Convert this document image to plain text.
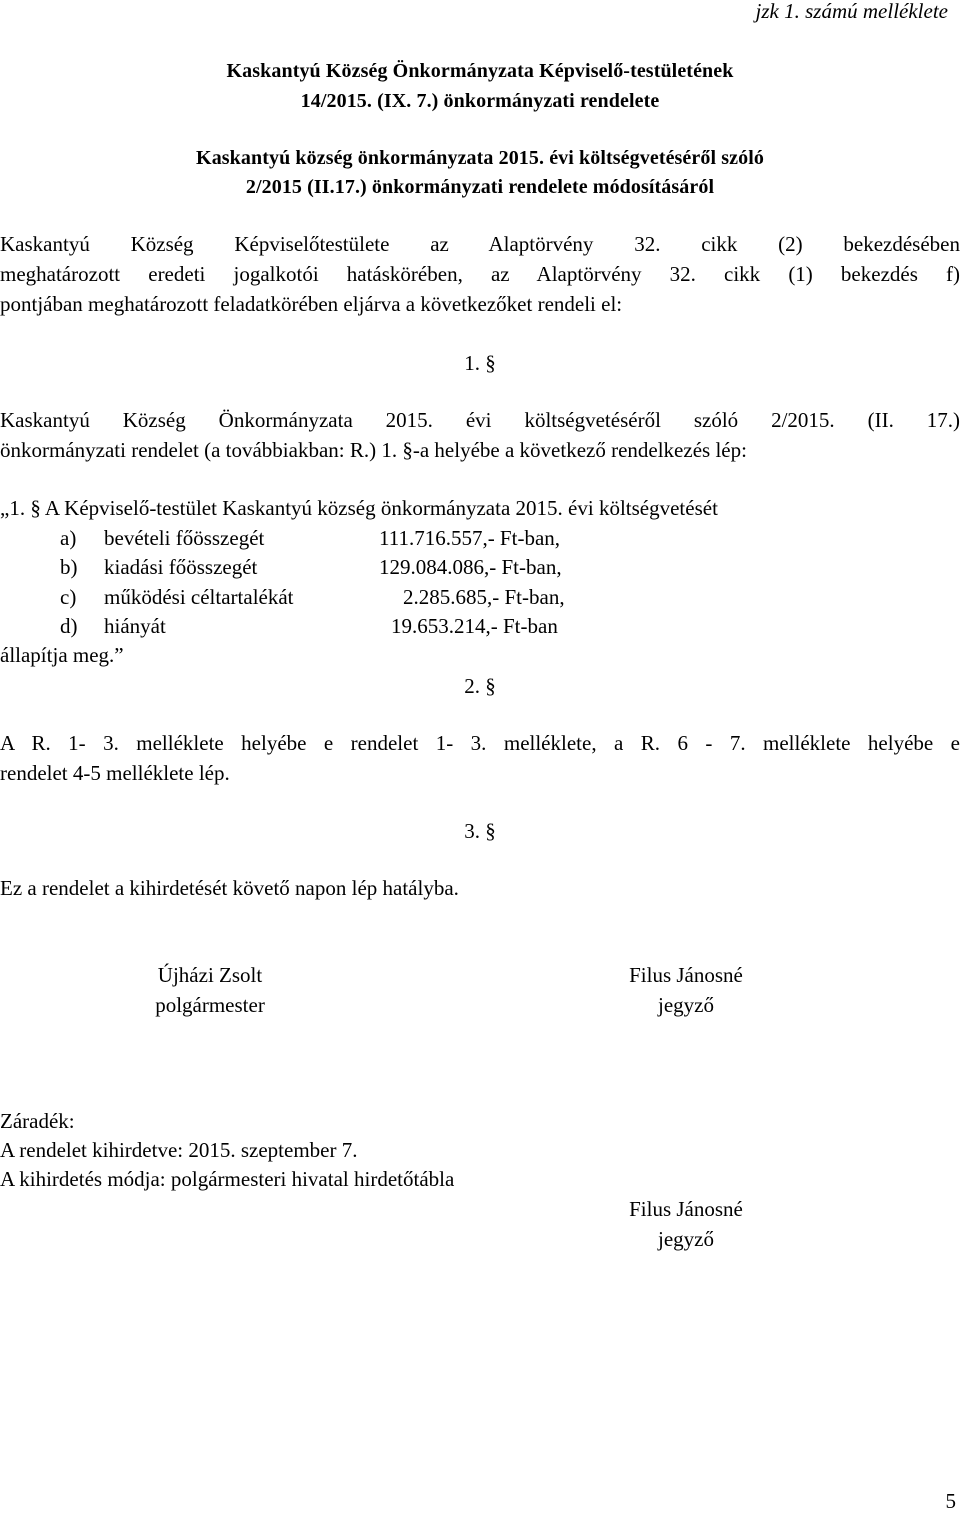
jzk 1. számú melléklete
Kaskantyú Község Önkormányzata Képviselő-testületének
14/2015. (IX. 7.) önkormányzati rendelete
Kaskantyú község önkormányzata 2015. évi költségvetéséről szóló
2/2015 (II.17.) önkormányzati rendelete módosításáról
Kaskantyú Község Képviselőtestülete az Alaptörvény 32. cikk (2) bekezdésében
meghatározott eredeti jogalkotói hatáskörében, az Alaptörvény 32. cikk (1) bekezdés f)
pontjában meghatározott feladatkörében eljárva a következőket rendeli el:
1. §
Kaskantyú Község Önkormányzata 2015. évi költségvetéséről szóló 2/2015. (II. 17.)
önkormányzati rendelet (a továbbiakban: R.) 1. §-a helyébe a következő rendelkezés lép:
„1. § A Képviselő-testület Kaskantyú község önkormányzata 2015. évi költségvetését
a) bevételi főösszegét	111.716.557,- Ft-ban,
b) kiadási főösszegét	129.084.086,- Ft-ban,
c) működési céltartalékát	2.285.685,- Ft-ban,
d) hiányát	19.653.214,- Ft-ban
állapítja meg.”
2. §
A R. 1- 3. melléklete helyébe e rendelet 1- 3. melléklete, a R. 6 - 7. melléklete helyébe e
rendelet 4-5 melléklete lép.
3. §
Ez a rendelet a kihirdetését követő napon lép hatályba.
Újházi Zsolt
polgármester
Filus Jánosné
jegyző
Záradék:
A rendelet kihirdetve: 2015. szeptember 7.
A kihirdetés módja: polgármesteri hivatal hirdetőtábla
Filus Jánosné
jegyző
5
